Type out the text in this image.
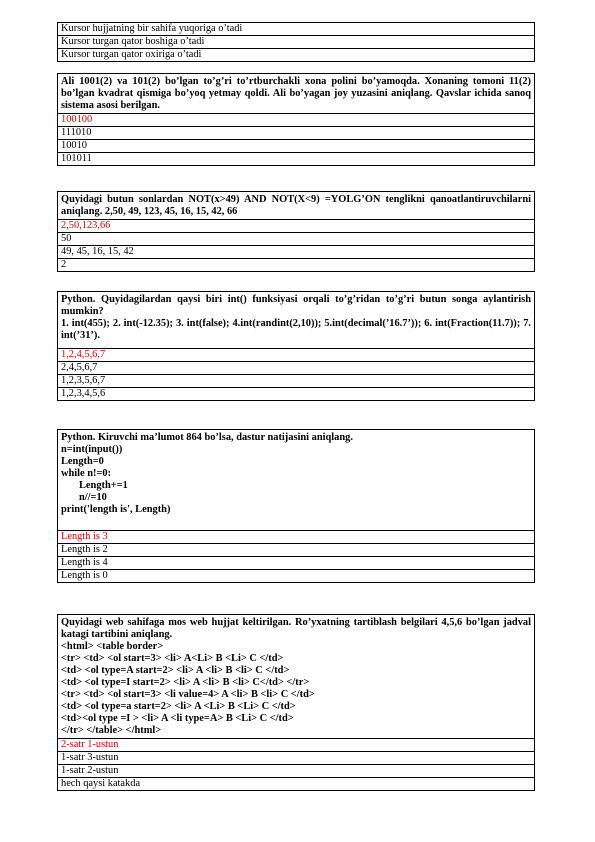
Kursor hujjatning bir sahifa yuqoriga o’tadi
Kursor turgan qator boshiga o’tadi
Kursor turgan qator oxiriga o’tadi
Ali 1001(2) va 101(2) bo’lgan to’g’ri to’rtburchakli xona polini bo’yamoqda. Xonaning tomoni 11(2) bo’lgan kvadrat qismiga bo’yoq yetmay qoldi. Ali bo’yagan joy yuzasini aniqlang. Qavslar ichida sanoq sistema asosi berilgan.
100100
111010
10010
101011
Quyidagi butun sonlardan NOT(x>49) AND NOT(X<9) =YOLG’ON tenglikni qanoatlantiruvchilarni aniqlang. 2,50, 49, 123, 45, 16, 15, 42, 66
2,50,123,66
50
49, 45, 16, 15, 42
2

Python. Quyidagilardan qaysi biri int() funksiyasi orqali to’g’ridan to’g’ri butun songa aylantirish mumkin?

1. int(455); 2. int(-12.35); 3. int(false); 4.int(randint(2,10)); 5.int(decimal(’16.7’)); 6. int(Fraction(11.7)); 7. int(’31’).

1,2,4,5,6,7
2,4,5,6,7
1,2,3,5,6,7
1,2,3,4,5,6
Python. Kiruvchi ma’lumot 864 bo’lsa, dastur natijasini aniqlang.
n=int(input())
Length=0
while n!=0:
Length+=1
n//=10
print('length is', Length)
Length is 3
Length is 2
Length is 4
Length is 0
Quyidagi web sahifaga mos web hujjat keltirilgan. Ro’yxatning tartiblash belgilari 4,5,6 bo’lgan jadval katagi tartibini aniqlang.
<html> <table border>
<tr> <td> <ol start=3> <li> A<Li> B <Li> C </td>
<td> <ol type=A start=2> <li> A <li> B <li> C </td>
<td> <ol type=I start=2> <li> A <li> B <li> C</td> </tr>
<tr> <td> <ol start=3> <li value=4> A <li> B <li> C </td>
<td> <ol type=a start=2> <li> A <Li> B <Li> C </td>
<td><ol type =I > <li> A <li type=A> B <Li> C </td>
</tr> </table> </html>
2-satr 1-ustun
1-satr 3-ustun
1-satr 2-ustun
hech qaysi katakda
